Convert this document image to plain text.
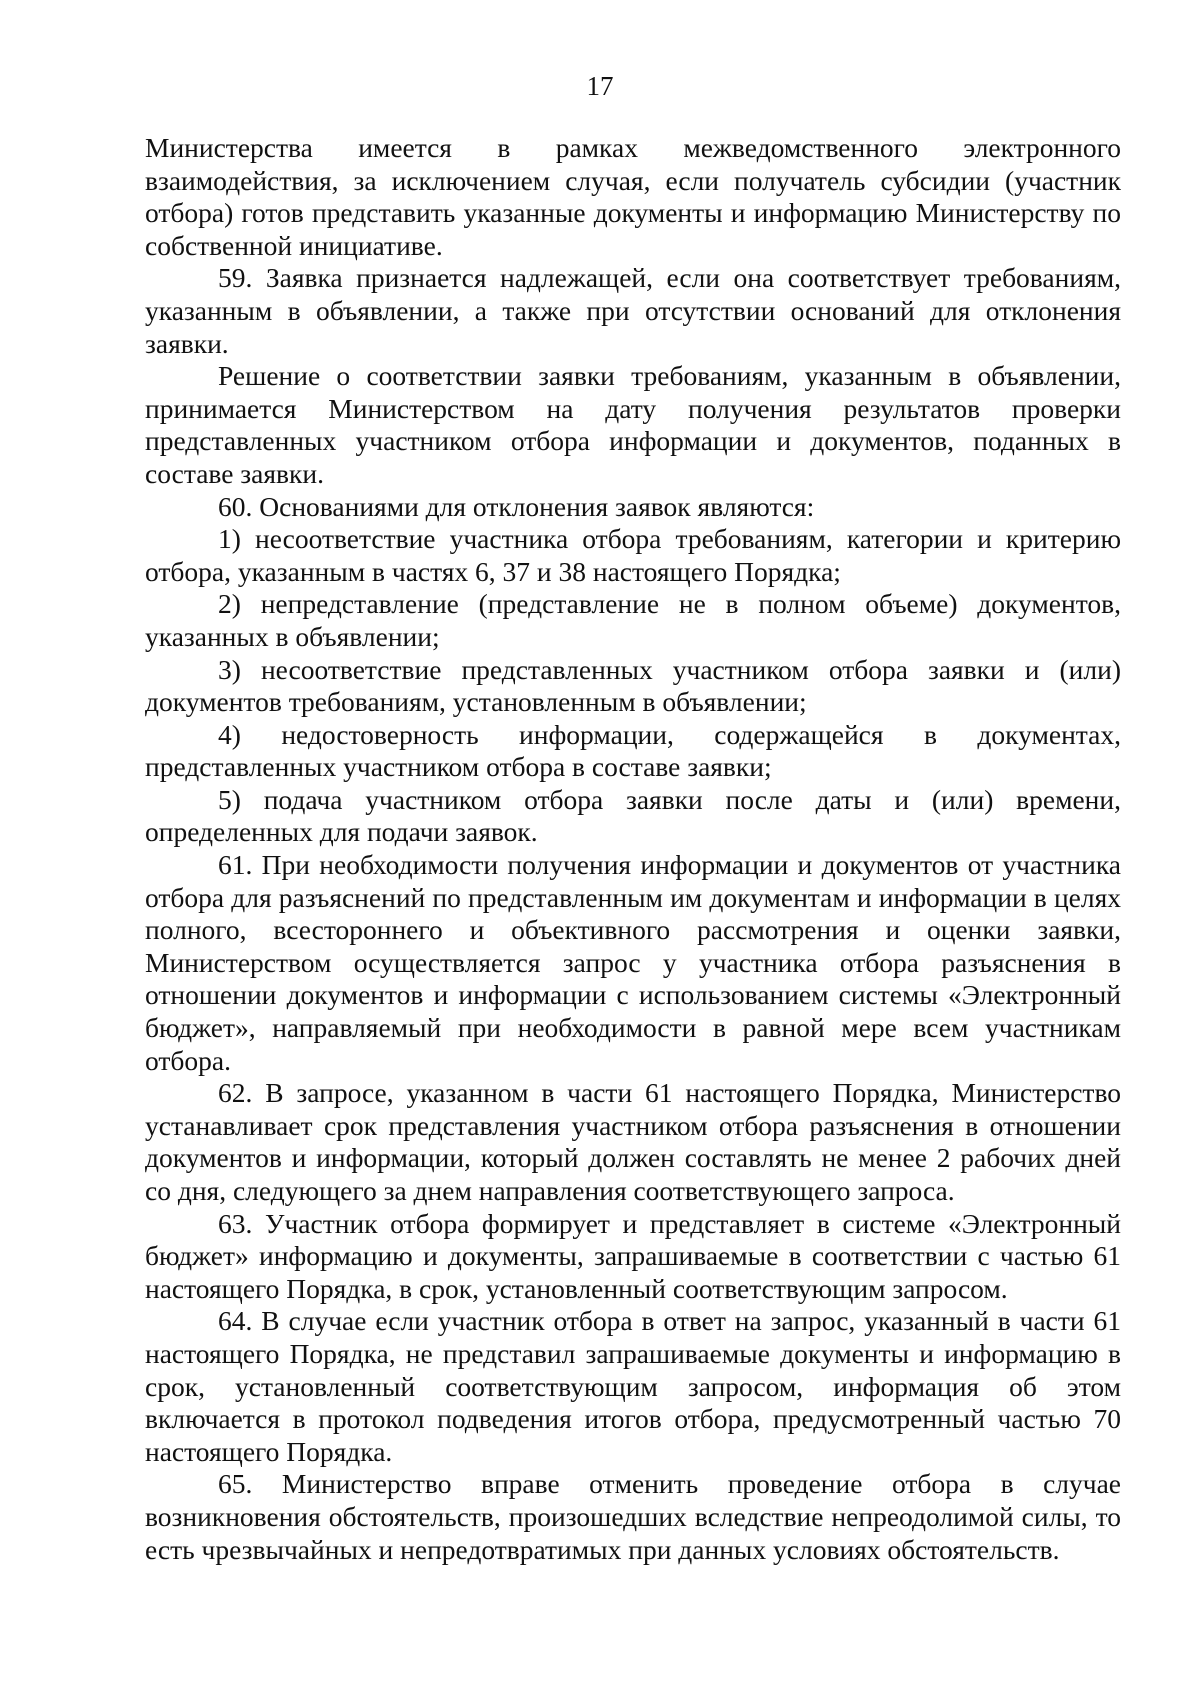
17

Министерства имеется в рамках межведомственного электронного взаимодействия, за исключением случая, если получатель субсидии (участник отбора) готов представить указанные документы и информацию Министерству по собственной инициативе.

59. Заявка признается надлежащей, если она соответствует требованиям, указанным в объявлении, а также при отсутствии оснований для отклонения заявки.

Решение о соответствии заявки требованиям, указанным в объявлении, принимается Министерством на дату получения результатов проверки представленных участником отбора информации и документов, поданных в составе заявки.

60. Основаниями для отклонения заявок являются:

1) несоответствие участника отбора требованиям, категории и критерию отбора, указанным в частях 6, 37 и 38 настоящего Порядка;

2) непредставление (представление не в полном объеме) документов, указанных в объявлении;

3) несоответствие представленных участником отбора заявки и (или) документов требованиям, установленным в объявлении;

4) недостоверность информации, содержащейся в документах, представленных участником отбора в составе заявки;

5) подача участником отбора заявки после даты и (или) времени, определенных для подачи заявок.

61. При необходимости получения информации и документов от участника отбора для разъяснений по представленным им документам и информации в целях полного, всестороннего и объективного рассмотрения и оценки заявки, Министерством осуществляется запрос у участника отбора разъяснения в отношении документов и информации с использованием системы «Электронный бюджет», направляемый при необходимости в равной мере всем участникам отбора.

62. В запросе, указанном в части 61 настоящего Порядка, Министерство устанавливает срок представления участником отбора разъяснения в отношении документов и информации, который должен составлять не менее 2 рабочих дней со дня, следующего за днем направления соответствующего запроса.

63. Участник отбора формирует и представляет в системе «Электронный бюджет» информацию и документы, запрашиваемые в соответствии с частью 61 настоящего Порядка, в срок, установленный соответствующим запросом.

64. В случае если участник отбора в ответ на запрос, указанный в части 61 настоящего Порядка, не представил запрашиваемые документы и информацию в срок, установленный соответствующим запросом, информация об этом включается в протокол подведения итогов отбора, предусмотренный частью 70 настоящего Порядка.

65. Министерство вправе отменить проведение отбора в случае возникновения обстоятельств, произошедших вследствие непреодолимой силы, то есть чрезвычайных и непредотвратимых при данных условиях обстоятельств.
